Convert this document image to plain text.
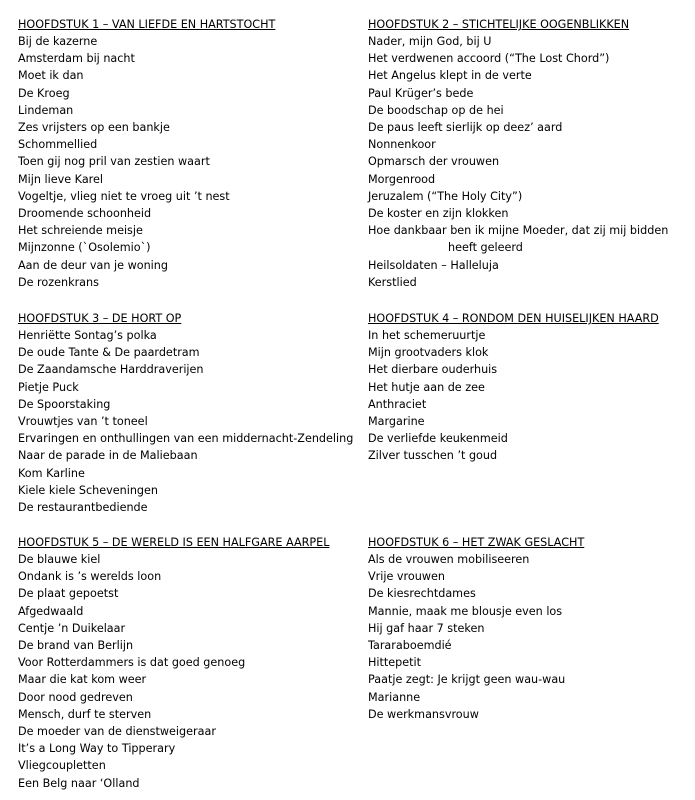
HOOFDSTUK 1 – VAN LIEFDE EN HARTSTOCHT
Bij de kazerne
Amsterdam bij nacht
Moet ik dan
De Kroeg
Lindeman
Zes vrijsters op een bankje
Schommellied
Toen gij nog pril van zestien waart
Mijn lieve Karel
Vogeltje, vlieg niet te vroeg uit ’t nest
Droomende schoonheid
Het schreiende meisje
Mijnzonne (`Osolemio`)
Aan de deur van je woning
De rozenkrans
HOOFDSTUK 2 – STICHTELIJKE OOGENBLIKKEN
Nader, mijn God, bij U
Het verdwenen accoord (“The Lost Chord”)
Het Angelus klept in de verte
Paul Krüger’s bede
De boodschap op de hei
De paus leeft sierlijk op deez’ aard
Nonnenkoor
Opmarsch der vrouwen
Morgenrood
Jeruzalem (“The Holy City”)
De koster en zijn klokken
Hoe dankbaar ben ik mijne Moeder, dat zij mij bidden
heeft geleerd
Heilsoldaten – Halleluja
Kerstlied
HOOFDSTUK 3 – DE HORT OP
Henriëtte Sontag’s polka
De oude Tante & De paardetram
De Zaandamsche Harddraverijen
Pietje Puck
De Spoorstaking
Vrouwtjes van ’t toneel
Ervaringen en onthullingen van een middernacht-Zendeling
Naar de parade in de Maliebaan
Kom Karline
Kiele kiele Scheveningen
De restaurantbediende
HOOFDSTUK 4 – RONDOM DEN HUISELIJKEN HAARD
In het schemeruurtje
Mijn grootvaders klok
Het dierbare ouderhuis
Het hutje aan de zee
Anthraciet
Margarine
De verliefde keukenmeid
Zilver tusschen ’t goud
HOOFDSTUK 5 – DE WERELD IS EEN HALFGARE AARPEL
De blauwe kiel
Ondank is ’s werelds loon
De plaat gepoetst
Afgedwaald
Centje ’n Duikelaar
De brand van Berlijn
Voor Rotterdammers is dat goed genoeg
Maar die kat kom weer
Door nood gedreven
Mensch, durf te sterven
De moeder van de dienstweigeraar
It’s a Long Way to Tipperary
Vliegcoupletten
Een Belg naar ‘Olland
HOOFDSTUK 6 – HET ZWAK GESLACHT
Als de vrouwen mobiliseeren
Vrije vrouwen
De kiesrechtdames
Mannie, maak me blousje even los
Hij gaf haar 7 steken
Tararaboemdié
Hittepetit
Paatje zegt: Je krijgt geen wau-wau
Marianne
De werkmansvrouw
